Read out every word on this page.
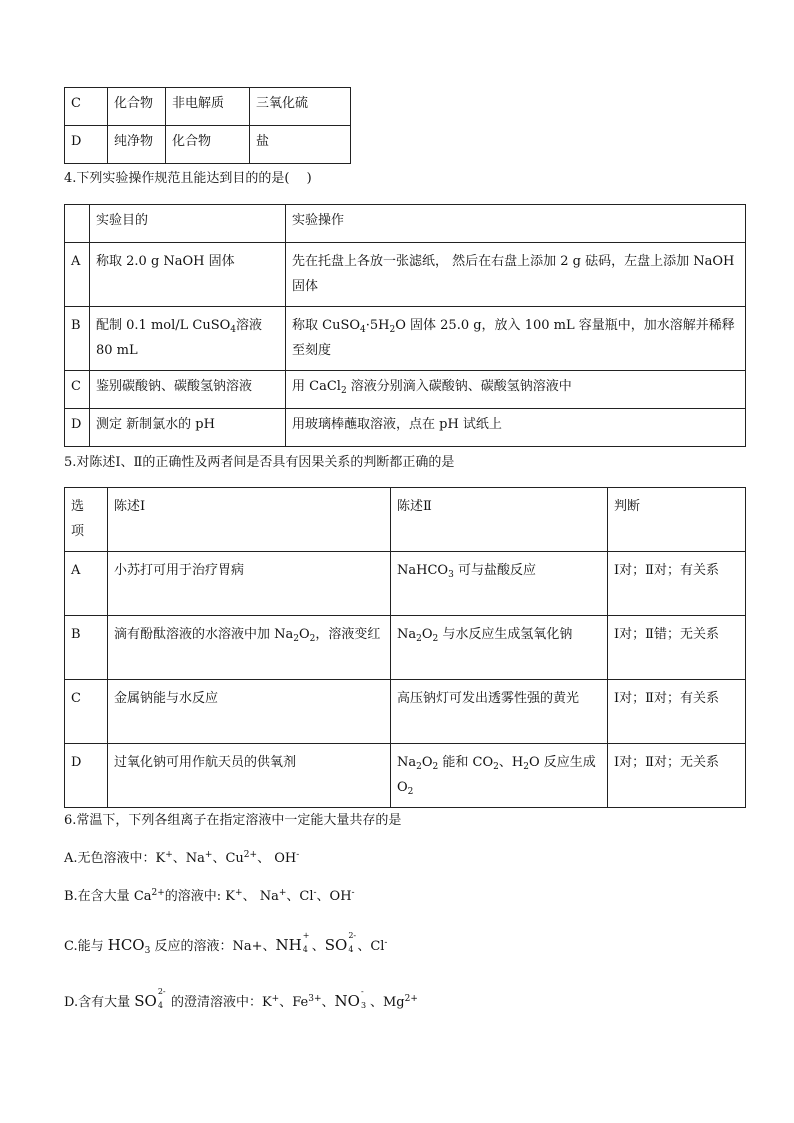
C	化合物	非电解质	三氧化硫
D	纯净物	化合物	盐
4.下列实验操作规范且能达到目的的是(　 )
	实验目的	实验操作
A	称取 2.0 g NaOH 固体	先在托盘上各放一张滤纸， 然后在右盘上添加 2 g 砝码，左盘上添加 NaOH 固体
B	配制 0.1 mol/L CuSO$_4$溶液 80 mL	称取 $CuSO_4\cdot 5H_2O$ 固体 25.0 g，放入 100 mL 容量瓶中，加水溶解并稀释至刻度
C	鉴别碳酸钠、碳酸氢钠溶液	用 CaCl$_2$ 溶液分别滴入碳酸钠、碳酸氢钠溶液中
D	测定 新制氯水的 pH	用玻璃棒蘸取溶液，点在 pH 试纸上
5.对陈述Ⅰ、Ⅱ的正确性及两者间是否具有因果关系的判断都正确的是
选项	陈述Ⅰ	陈述Ⅱ	判断
A	小苏打可用于治疗胃病	NaHCO$_3$ 可与盐酸反应	Ⅰ对；Ⅱ对；有关系
B	滴有酚酞溶液的水溶液中加 $Na_2O_2$，溶液变红	$Na_2O_2$ 与水反应生成氢氧化钠	Ⅰ对；Ⅱ错；无关系
C	金属钠能与水反应	高压钠灯可发出透雾性强的黄光	Ⅰ对；Ⅱ对；有关系
D	过氧化钠可用作航天员的供氧剂	$Na_2O_2$ 能和 $CO_2$、$H_2O$ 反应生成 $O_2$	Ⅰ对；Ⅱ对；无关系
6.常温下，下列各组离子在指定溶液中一定能大量共存的是
A.无色溶液中：K+、Na+、$Cu^{2+}$、 OH-
B.在含大量 $Ca^{2+}$的溶液中: K+、 Na+、Cl-、OH-
C.能与 $HCO_3$ 反应的溶液：Na+、NH
+
4 、SO
2-
4 、Cl-
D.含有大量 SO
2-
4 的澄清溶液中：K+、$Fe^{3+}$、NO
-
3 、$Mg^{2+}$
